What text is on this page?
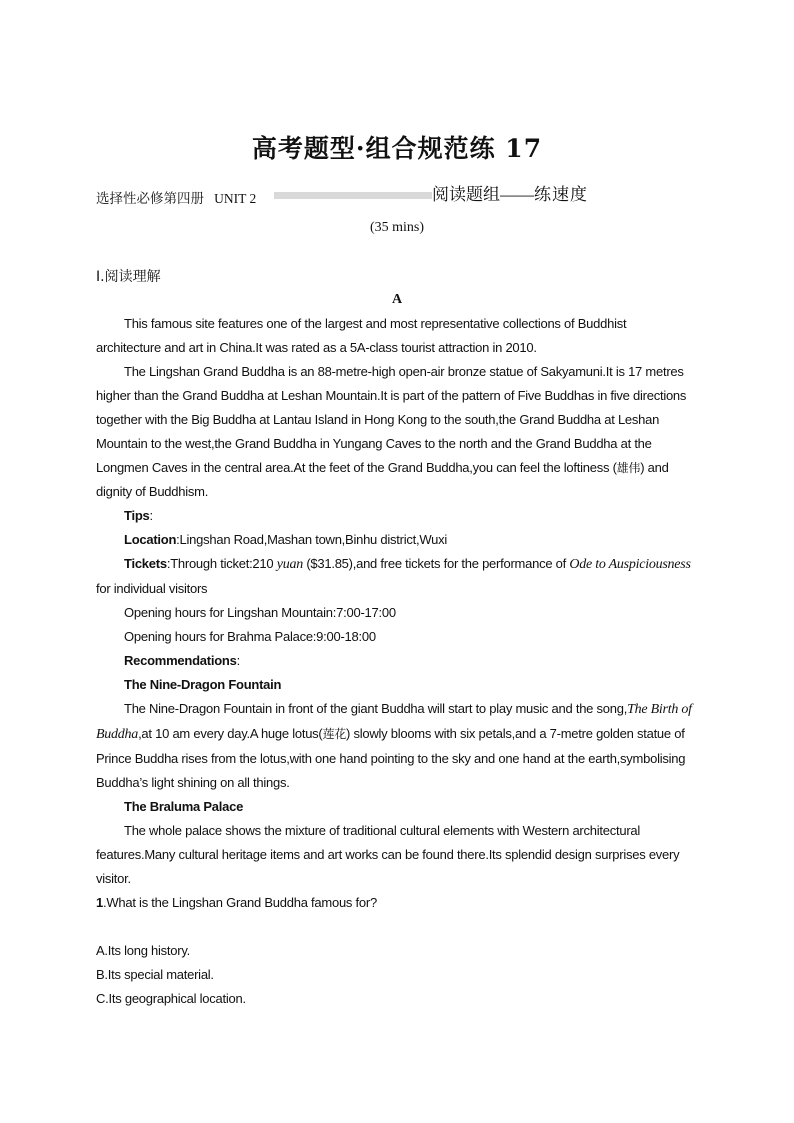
高考题型·组合规范练 17
选择性必修第四册 UNIT 2	阅读题组——练速度
(35 mins)
Ⅰ.阅读理解
A

This famous site features one of the largest and most representative collections of Buddhist architecture and art in China.It was rated as a 5A-class tourist attraction in 2010.

The Lingshan Grand Buddha is an 88-metre-high open-air bronze statue of Sakyamuni.It is 17 metres higher than the Grand Buddha at Leshan Mountain.It is part of the pattern of Five Buddhas in five directions together with the Big Buddha at Lantau Island in Hong Kong to the south,the Grand Buddha at Leshan Mountain to the west,the Grand Buddha in Yungang Caves to the north and the Grand Buddha at the Longmen Caves in the central area.At the feet of the Grand Buddha,you can feel the loftiness (雄伟) and dignity of Buddhism.

Tips:

Location:Lingshan Road,Mashan town,Binhu district,Wuxi

Tickets:Through ticket:210 yuan ($31.85),and free tickets for the performance of Ode to Auspiciousness for individual visitors

Opening hours for Lingshan Mountain:7:00-17:00

Opening hours for Brahma Palace:9:00-18:00

Recommendations:

The Nine-Dragon Fountain

The Nine-Dragon Fountain in front of the giant Buddha will start to play music and the song,The Birth of Buddha,at 10 am every day.A huge lotus(莲花) slowly blooms with six petals,and a 7-metre golden statue of Prince Buddha rises from the lotus,with one hand pointing to the sky and one hand at the earth,symbolising Buddha’s light shining on all things.

The Braluma Palace

The whole palace shows the mixture of traditional cultural elements with Western architectural features.Many cultural heritage items and art works can be found there.Its splendid design surprises every visitor.

1.What is the Lingshan Grand Buddha famous for?

A.Its long history.

B.Its special material.

C.Its geographical location.
